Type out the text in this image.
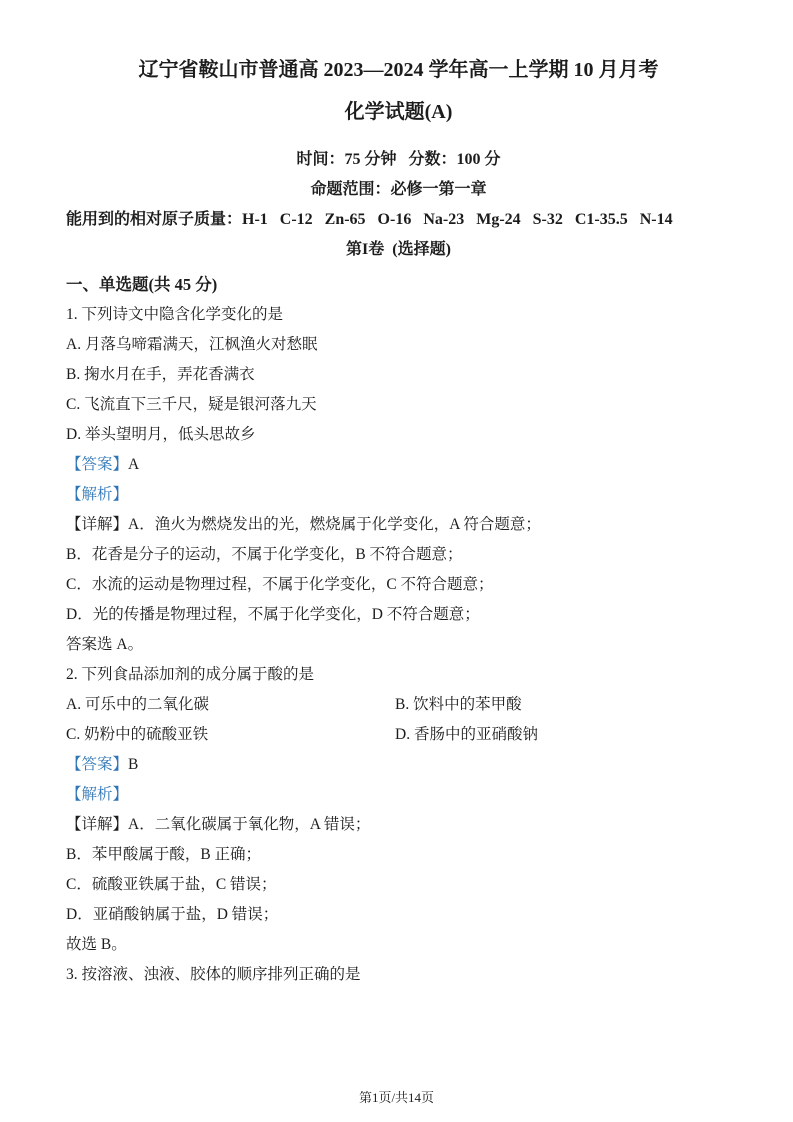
辽宁省鞍山市普通高 2023—2024 学年高一上学期 10 月月考
化学试题(A)

时间：75 分钟   分数：100 分

命题范围：必修一第一章

能用到的相对原子质量：H-1   C-12   Zn-65   O-16   Na-23   Mg-24   S-32   C1-35.5   N-14

第I卷  (选择题)

一、单选题(共 45 分)

1. 下列诗文中隐含化学变化的是

A. 月落乌啼霜满天，江枫渔火对愁眠

B. 掬水月在手，弄花香满衣

C. 飞流直下三千尺，疑是银河落九天

D. 举头望明月，低头思故乡

【答案】A

【解析】

【详解】A．渔火为燃烧发出的光，燃烧属于化学变化，A 符合题意；

B．花香是分子的运动，不属于化学变化，B 不符合题意；

C．水流的运动是物理过程，不属于化学变化，C 不符合题意；

D．光的传播是物理过程，不属于化学变化，D 不符合题意；

答案选 A。

2. 下列食品添加剂的成分属于酸的是

A. 可乐中的二氧化碳	B. 饮料中的苯甲酸
C. 奶粉中的硫酸亚铁	D. 香肠中的亚硝酸钠

【答案】B

【解析】

【详解】A．二氧化碳属于氧化物，A 错误；

B．苯甲酸属于酸，B 正确；

C．硫酸亚铁属于盐，C 错误；

D．亚硝酸钠属于盐，D 错误；

故选 B。

3. 按溶液、浊液、胶体的顺序排列正确的是

第1页/共14页
